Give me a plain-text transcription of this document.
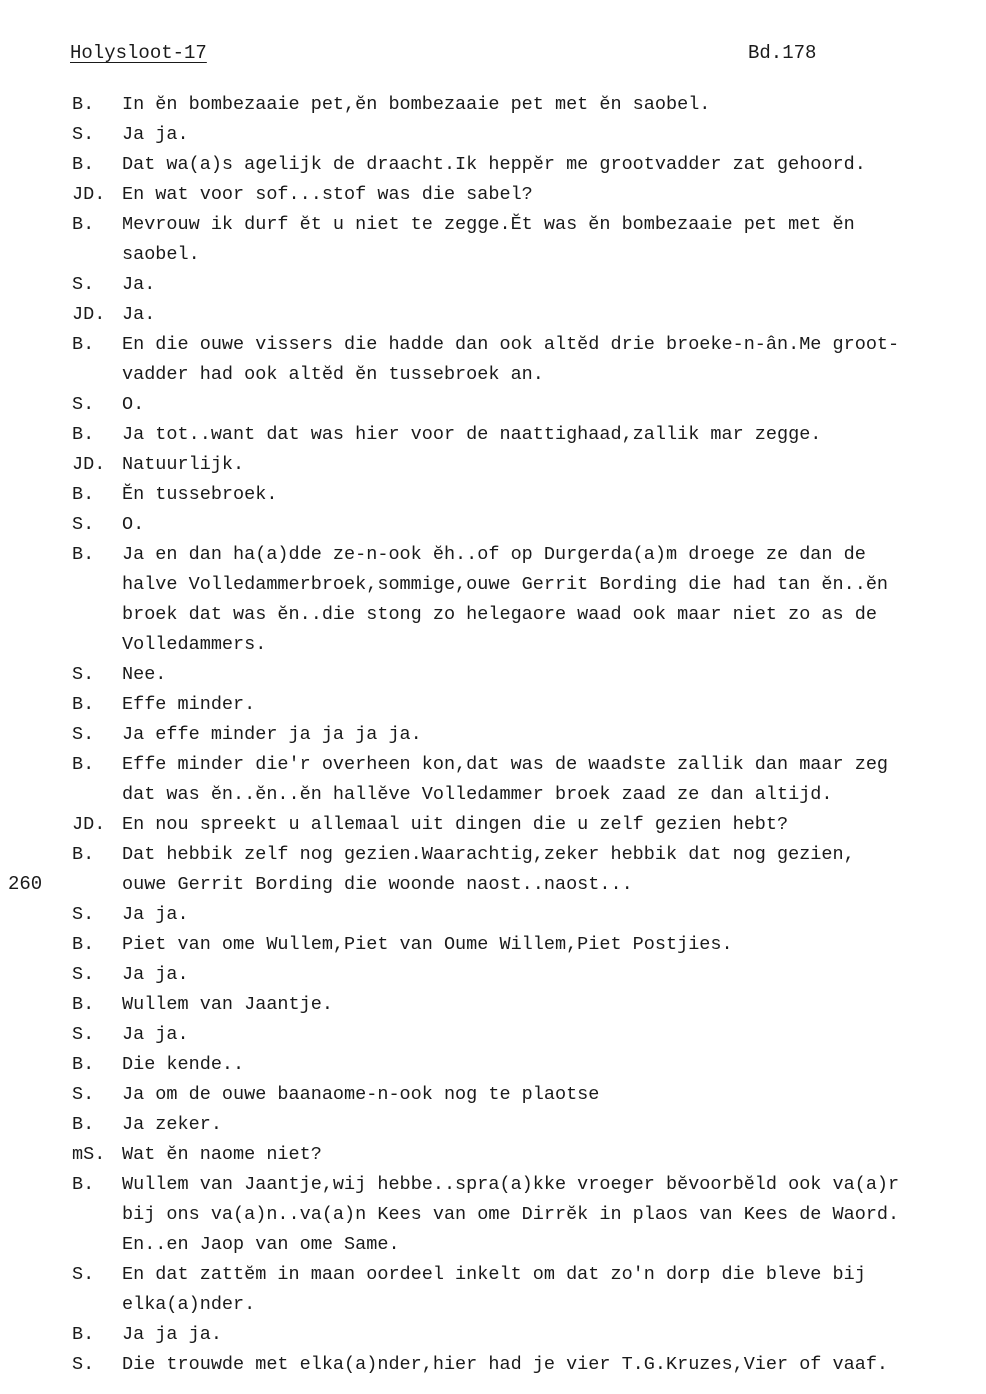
Holysloot-17	Bd.178
260
B.	In ĕn bombezaaie pet,ĕn bombezaaie pet met ĕn saobel.
S.	Ja ja.
B.	Dat wa(a)s agelijk de draacht.Ik heppĕr me grootvadder zat gehoord.
JD. En wat voor sof...stof was die sabel?
B.	Mevrouw ik durf ĕt u niet te zegge.Ĕt was ĕn bombezaaie pet met ĕn
saobel.
S.	Ja.
JD. Ja.
B.	En die ouwe vissers die hadde dan ook altĕd drie broeke-n-ân.Me groot-
vadder had ook altĕd ĕn tussebroek an.
S.	O.
B.	Ja tot..want dat was hier voor de naattighaad,zallik mar zegge.
JD. Natuurlijk.
B.	Ĕn tussebroek.
S.	O.
B.	Ja en dan ha(a)dde ze-n-ook ĕh..of op Durgerda(a)m droege ze dan de
halve Volledammerbroek,sommige,ouwe Gerrit Bording die had tan ĕn..ĕn
broek dat was ĕn..die stong zo helegaore waad ook maar niet zo as de
Volledammers.
S.	Nee.
B.	Effe minder.
S.	Ja effe minder ja ja ja ja.
B.	Effe minder die'r overheen kon,dat was de waadste zallik dan maar zeg
dat was ĕn..ĕn..ĕn hallĕve Volledammer broek zaad ze dan altijd.
JD. En nou spreekt u allemaal uit dingen die u zelf gezien hebt?
B.	Dat hebbik zelf nog gezien.Waarachtig,zeker hebbik dat nog gezien,
ouwe Gerrit Bording die woonde naost..naost...
S.	Ja ja.
B.	Piet van ome Wullem,Piet van Oume Willem,Piet Postjies.
S.	Ja ja.
B.	Wullem van Jaantje.
S.	Ja ja.
B.	Die kende..
S.	Ja om de ouwe baanaome-n-ook nog te plaotse
B.	Ja zeker.
mS. Wat ĕn naome niet?
B.	Wullem van Jaantje,wij hebbe..spra(a)kke vroeger bĕvoorbĕld ook va(a)r
bij ons va(a)n..va(a)n Kees van ome Dirrĕk in plaos van Kees de Waord.
En..en Jaop van ome Same.
S.	En dat zattĕm in maan oordeel inkelt om dat zo'n dorp die bleve bij
elka(a)nder.
B.	Ja ja ja.
S.	Die trouwde met elka(a)nder,hier had je vier T.G.Kruzes,Vier of vaaf.
